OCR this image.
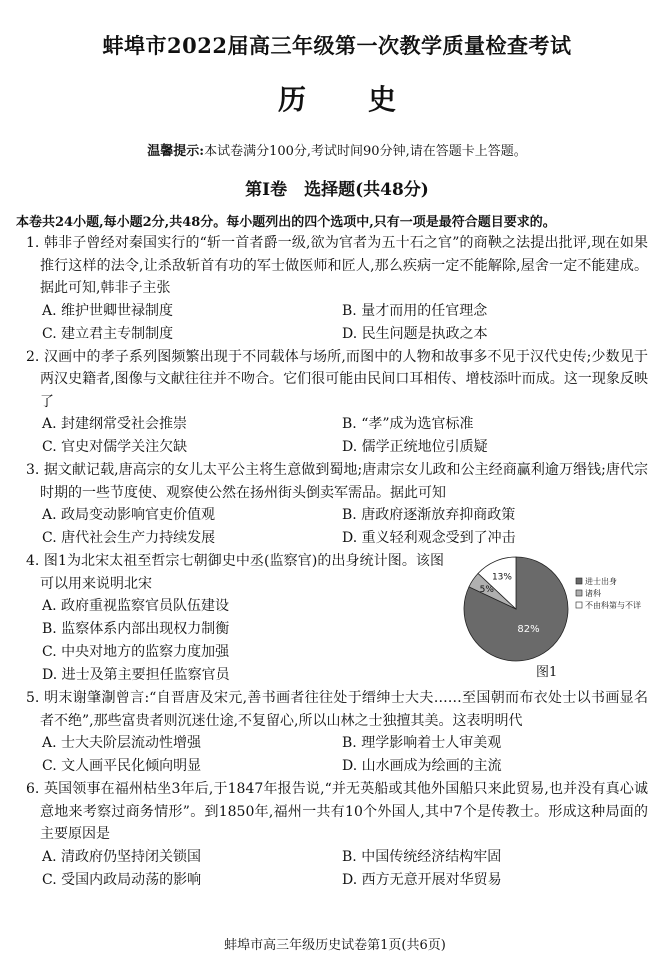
蚌埠市2022届高三年级第一次教学质量检查考试
历 史
温馨提示:本试卷满分100分,考试时间90分钟,请在答题卡上答题。
第Ⅰ卷　选择题(共48分)
本卷共24小题,每小题2分,共48分。每小题列出的四个选项中,只有一项是最符合题目要求的。
1. 韩非子曾经对秦国实行的“斩一首者爵一级,欲为官者为五十石之官”的商鞅之法提出批评,现在如果推行这样的法令,让杀敌斩首有功的军士做医师和匠人,那么疾病一定不能解除,屋舍一定不能建成。据此可知,韩非子主张
A. 维护世卿世禄制度	B. 量才而用的任官理念
C. 建立君主专制制度	D. 民生问题是执政之本
2. 汉画中的孝子系列图频繁出现于不同载体与场所,而图中的人物和故事多不见于汉代史传;少数见于两汉史籍者,图像与文献往往并不吻合。它们很可能由民间口耳相传、增枝添叶而成。这一现象反映了
A. 封建纲常受社会推崇	B. “孝”成为选官标准
C. 官史对儒学关注欠缺	D. 儒学正统地位引质疑
3. 据文献记载,唐高宗的女儿太平公主将生意做到蜀地;唐肃宗女儿政和公主经商赢利逾万缗钱;唐代宗时期的一些节度使、观察使公然在扬州街头倒卖军需品。据此可知
A. 政局变动影响官吏价值观	B. 唐政府逐渐放弃抑商政策
C. 唐代社会生产力持续发展	D. 重义轻利观念受到了冲击
4. 图1为北宋太祖至哲宗七朝御史中丞(监察官)的出身统计图。该图可以用来说明北宋
A. 政府重视监察官员队伍建设
B. 监察体系内部出现权力制衡
C. 中央对地方的监察力度加强
D. 进士及第主要担任监察官员
82%
5%
13%	进士出身
诸科
不由科第与不详
图1
5. 明末谢肇淛曾言:“自晋唐及宋元,善书画者往往处于缙绅士大夫……至国朝而布衣处士以书画显名者不绝”,那些富贵者则沉迷仕途,不复留心,所以山林之士独擅其美。这表明明代
A. 士大夫阶层流动性增强	B. 理学影响着士人审美观
C. 文人画平民化倾向明显	D. 山水画成为绘画的主流
6. 英国领事在福州枯坐3年后,于1847年报告说,“并无英船或其他外国船只来此贸易,也并没有真心诚意地来考察过商务情形”。到1850年,福州一共有10个外国人,其中7个是传教士。形成这种局面的主要原因是
A. 清政府仍坚持闭关锁国	B. 中国传统经济结构牢固
C. 受国内政局动荡的影响	D. 西方无意开展对华贸易
蚌埠市高三年级历史试卷第1页(共6页)
